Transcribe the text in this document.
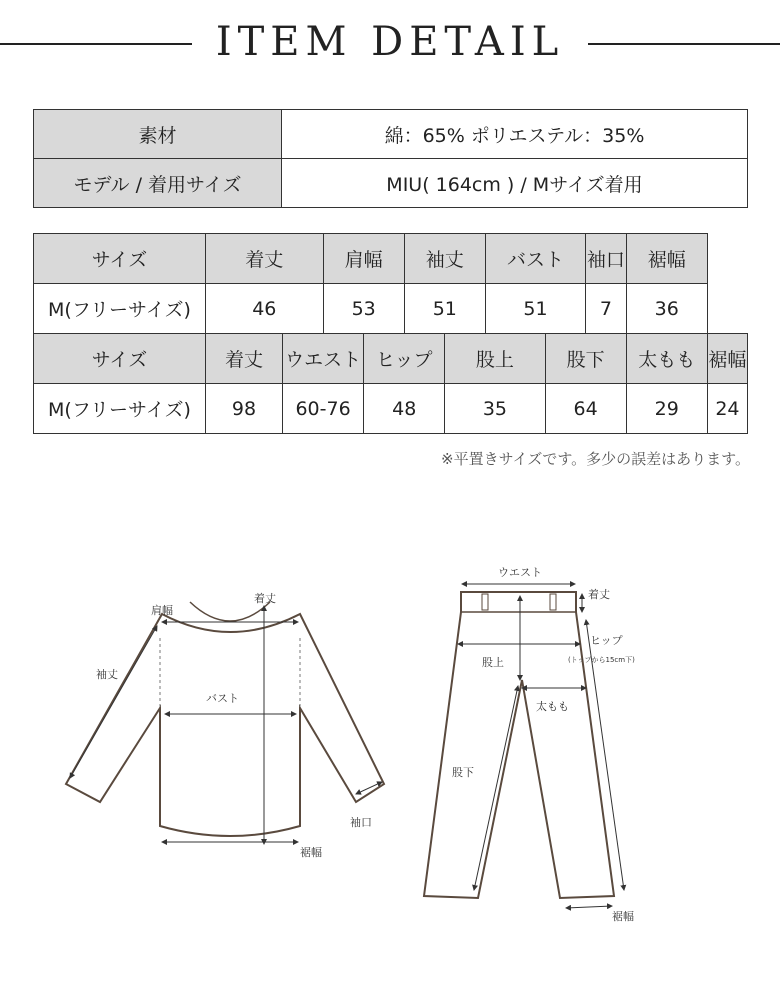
ITEM DETAIL
素材	綿：65% ポリエステル：35%
モデル / 着用サイズ	MIU( 164cm ) / Mサイズ着用
サイズ	着丈		肩幅		袖丈		バスト		袖口	裾幅	
M(フリーサイズ)	46		53		51		51		7	36	
サイズ	着丈	ウエスト		ヒップ		股上		股下		太もも	裾幅
M(フリーサイズ)	98	60-76		48		35		64		29	24
※平置きサイズです。多少の誤差はあります。
肩幅
着丈
袖丈
バスト
袖口
裾幅
ウエスト
着丈
ヒップ
(トップから15cm下)
股上
太もも
股下
裾幅
